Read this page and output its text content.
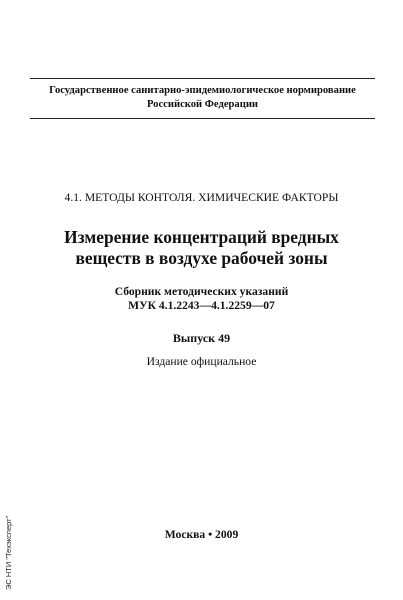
Государственное санитарно-эпидемиологическое нормирование
Российской Федерации
4.1. МЕТОДЫ КОНТОЛЯ. ХИМИЧЕСКИЕ ФАКТОРЫ
Измерение концентраций вредных
веществ в воздухе рабочей зоны
Сборник методических указаний
МУК 4.1.2243—4.1.2259—07
Выпуск 49
Издание официальное
Москва • 2009
ЭС НТИ "Техэксперт"
